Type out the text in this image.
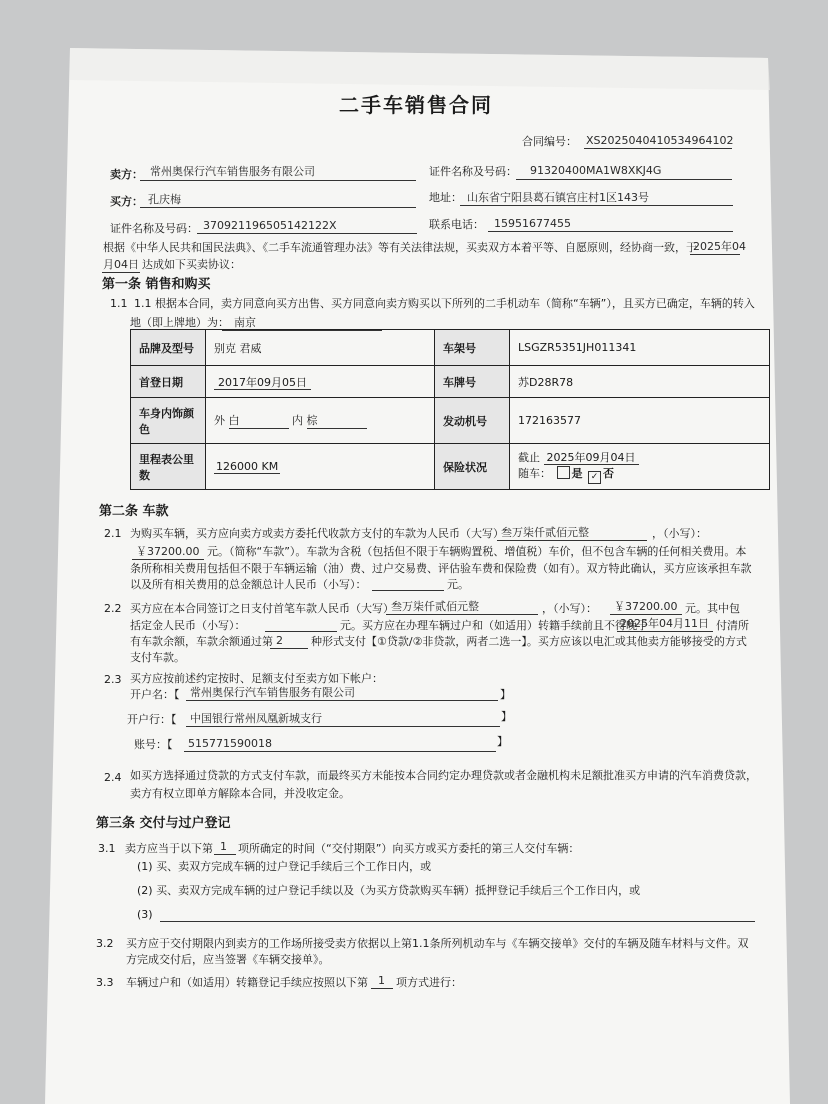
二手车销售合同
合同编号： XS2025040410534964102
卖方： 常州奥保行汽车销售服务有限公司	证件名称及号码： 91320400MA1W8XKJ4G
买方： 孔庆梅	地址： 山东省宁阳县葛石镇宫庄村1区143号
证件名称及号码： 370921196505142122X	联系电话： 15951677455
根据《中华人民共和国民法典》、《二手车流通管理办法》等有关法律法规，买卖双方本着平等、自愿原则，经协商一致，于
2025年04
月04日 达成如下买卖协议：
第一条 销售和购买
1.1 1.1 根据本合同，卖方同意向买方出售、买方同意向卖方购买以下所列的二手机动车（简称“车辆”），且买方已确定，车辆的转入
地（即上牌地）为： 南京
品牌及型号	别克 君威	车架号	LSGZR5351JH011341
首登日期	2017年09月05日	车牌号	苏D28R78
车身内饰颜
色	外 白 内 棕	发动机号	172163577
里程表公里
数	126000 KM	保险状况	截止 2025年09月04日
随车： 是 ✓ 否
第二条 车款
2.1 为购买车辆，买方应向卖方或卖方委托代收款方支付的车款为人民币（大写）
叁万柒仟贰佰元整	，（小写）：
￥37200.00 元。（简称“车款”）。车款为含税（包括但不限于车辆购置税、增值税）车价，但不包含车辆的任何相关费用。本
条所称相关费用包括但不限于车辆运输（油）费、过户交易费、评估验车费和保险费（如有）。双方特此确认，买方应该承担车款
以及所有相关费用的总金额总计人民币（小写）：	元。
2.2 买方应在本合同签订之日支付首笔车款人民币（大写）
叁万柒仟贰佰元整	，（小写）： ￥37200.00 元。其中包
括定金人民币（小写）：	元。买方应在办理车辆过户和（如适用）转籍手续前且不得晚于
2025年04月11日 付清所
有车款余额，车款余额通过第 2	种形式支付【①贷款/②非贷款，两者二选一】。买方应该以电汇或其他卖方能够接受的方式
支付车款。
2.3 买方应按前述约定按时、足额支付至卖方如下帐户：
开户名：【 常州奥保行汽车销售服务有限公司	】
开户行：【 中国银行常州凤凰新城支行	】
账号：【 515771590018	】
2.4 如买方选择通过贷款的方式支付车款，而最终买方未能按本合同约定办理贷款或者金融机构未足额批准买方申请的汽车消费贷款，
卖方有权立即单方解除本合同，并没收定金。
第三条 交付与过户登记
3.1 卖方应当于以下第 1 项所确定的时间（“交付期限”）向买方或买方委托的第三人交付车辆：
(1) 买、卖双方完成车辆的过户登记手续后三个工作日内，或
(2) 买、卖双方完成车辆的过户登记手续以及（为买方贷款购买车辆）抵押登记手续后三个工作日内，或
(3)
3.2 买方应于交付期限内到卖方的工作场所接受卖方依据以上第1.1条所列机动车与《车辆交接单》交付的车辆及随车材料与文件。双
方完成交付后，应当签署《车辆交接单》。
3.3 车辆过户和（如适用）转籍登记手续应按照以下第 1 项方式进行：
